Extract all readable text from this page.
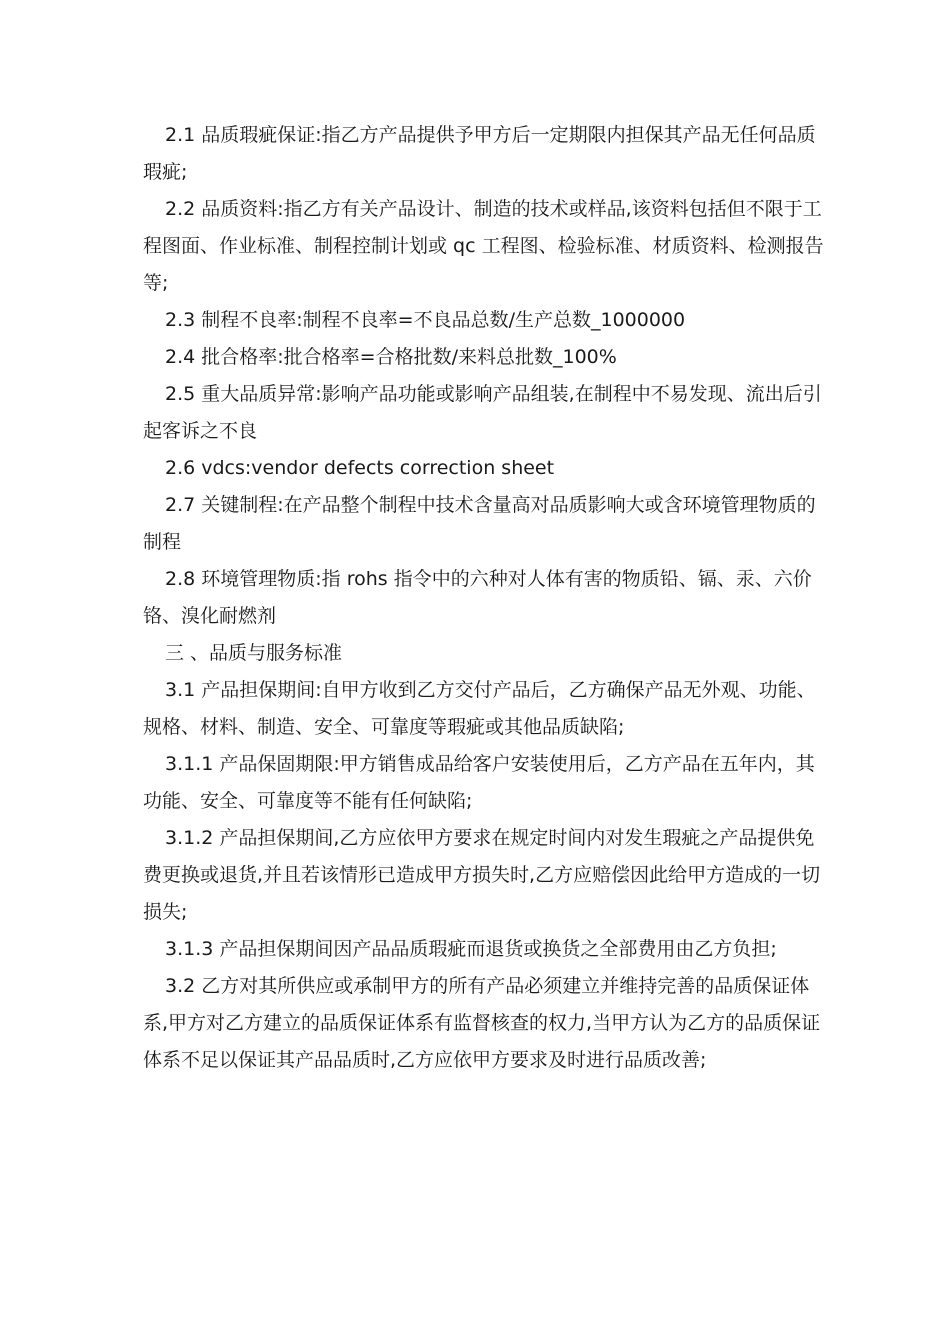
2.1 品质瑕疵保证:指乙方产品提供予甲方后一定期限内担保其产品无任何品质瑕疵;

2.2 品质资料:指乙方有关产品设计、制造的技术或样品,该资料包括但不限于工程图面、作业标准、制程控制计划或 qc 工程图、检验标准、材质资料、检测报告等;

2.3 制程不良率:制程不良率=不良品总数/生产总数_1000000

2.4 批合格率:批合格率=合格批数/来料总批数_100%

2.5 重大品质异常:影响产品功能或影响产品组装,在制程中不易发现、流出后引起客诉之不良

2.6 vdcs:vendor defects correction sheet

2.7 关键制程:在产品整个制程中技术含量高对品质影响大或含环境管理物质的制程

2.8 环境管理物质:指 rohs 指令中的六种对人体有害的物质铅、镉、汞、六价铬、溴化耐燃剂

三 、品质与服务标准

3.1 产品担保期间:自甲方收到乙方交付产品后，乙方确保产品无外观、功能、规格、材料、制造、安全、可靠度等瑕疵或其他品质缺陷;

3.1.1 产品保固期限:甲方销售成品给客户安装使用后，乙方产品在五年内，其功能、安全、可靠度等不能有任何缺陷;

3.1.2 产品担保期间,乙方应依甲方要求在规定时间内对发生瑕疵之产品提供免费更换或退货,并且若该情形已造成甲方损失时,乙方应赔偿因此给甲方造成的一切损失;

3.1.3 产品担保期间因产品品质瑕疵而退货或换货之全部费用由乙方负担;

3.2 乙方对其所供应或承制甲方的所有产品必须建立并维持完善的品质保证体系,甲方对乙方建立的品质保证体系有监督核查的权力,当甲方认为乙方的品质保证体系不足以保证其产品品质时,乙方应依甲方要求及时进行品质改善;
